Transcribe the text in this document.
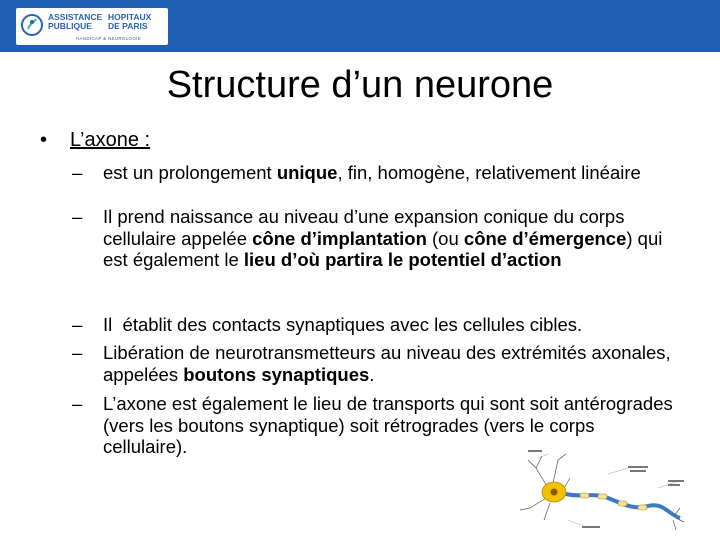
ASSISTANCE
PUBLIQUE
HOPITAUX
DE PARIS
HANDICAP & NEUROLOGIE
Structure d’un neurone
• L’axone :
– est un prolongement unique, fin, homogène, relativement linéaire
– Il prend naissance au niveau d’une expansion conique du corps cellulaire appelée cône d’implantation (ou cône d’émergence) qui est également le lieu d’où partira le potentiel d’action
– Il  établit des contacts synaptiques avec les cellules cibles.
– Libération de neurotransmetteurs au niveau des extrémités axonales, appelées boutons synaptiques.
– L’axone est également le lieu de transports qui sont soit antérogrades (vers les boutons synaptique) soit rétrogrades (vers le corps cellulaire).
